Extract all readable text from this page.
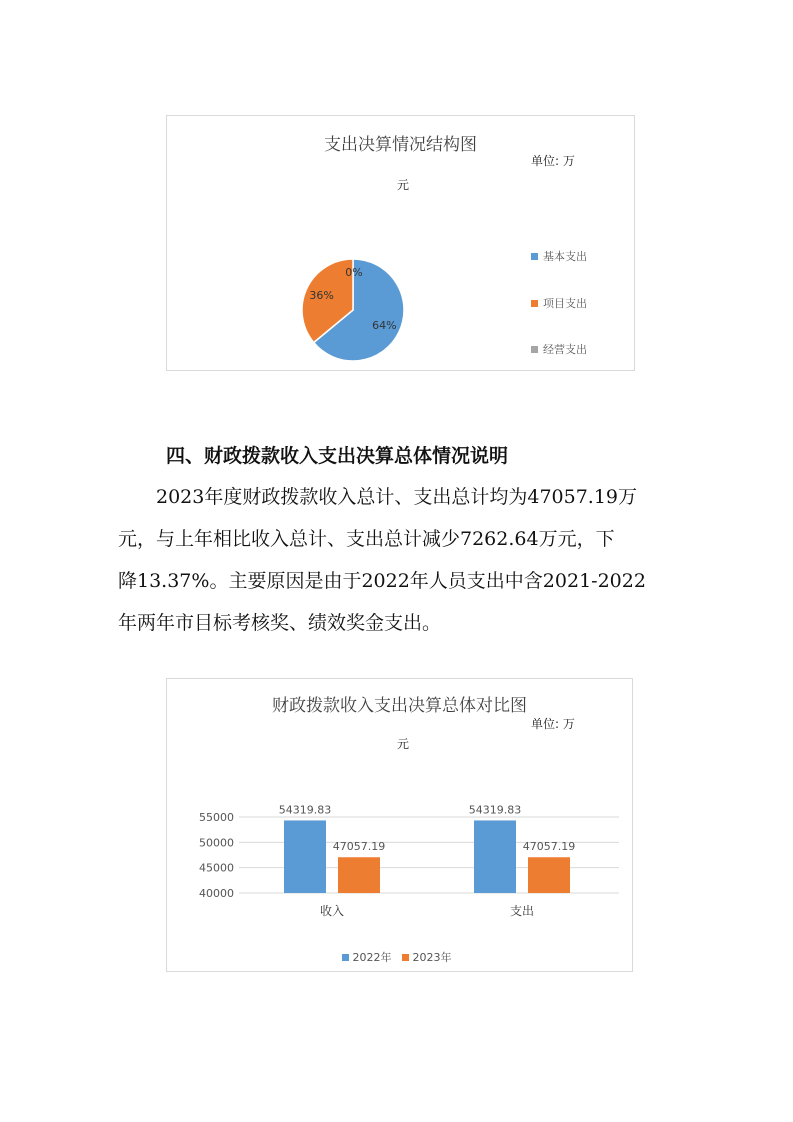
支出决算情况结构图
单位: 万
元
64%
36%
0%
基本支出
项目支出
经营支出
四、财政拨款收入支出决算总体情况说明
2023年度财政拨款收入总计、支出总计均为47057.19万
元，与上年相比收入总计、支出总计减少7262.64万元，下
降13.37%。主要原因是由于2022年人员支出中含2021-2022
年两年市目标考核奖、绩效奖金支出。
财政拨款收入支出决算总体对比图
单位: 万
元
55000
50000
45000
40000
54319.83
47057.19
收入
54319.83
47057.19
支出
2022年 2023年
